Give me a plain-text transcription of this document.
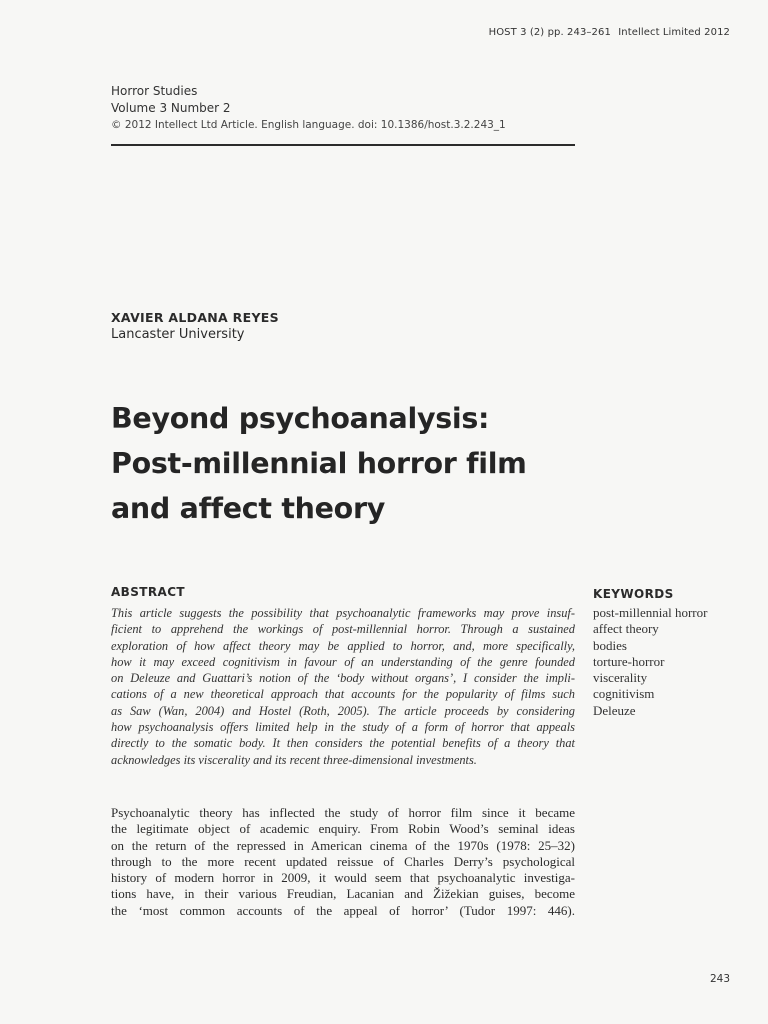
HOST 3 (2) pp. 243–261 Intellect Limited 2012
Horror Studies
Volume 3 Number 2
© 2012 Intellect Ltd Article. English language. doi: 10.1386/host.3.2.243_1
XAVIER ALDANA REYES
Lancaster University
Beyond psychoanalysis:
Post-millennial horror film
and affect theory
ABSTRACT
This article suggests the possibility that psychoanalytic frameworks may prove insuf-
ficient to apprehend the workings of post-millennial horror. Through a sustained
exploration of how affect theory may be applied to horror, and, more specifically,
how it may exceed cognitivism in favour of an understanding of the genre founded
on Deleuze and Guattari’s notion of the ‘body without organs’, I consider the impli-
cations of a new theoretical approach that accounts for the popularity of films such
as Saw (Wan, 2004) and Hostel (Roth, 2005). The article proceeds by considering
how psychoanalysis offers limited help in the study of a form of horror that appeals
directly to the somatic body. It then considers the potential benefits of a theory that
acknowledges its viscerality and its recent three-dimensional investments.
KEYWORDS
post-millennial horror
affect theory
bodies
torture-horror
viscerality
cognitivism
Deleuze
Psychoanalytic theory has inflected the study of horror film since it became
the legitimate object of academic enquiry. From Robin Wood’s seminal ideas
on the return of the repressed in American cinema of the 1970s (1978: 25–32)
through to the more recent updated reissue of Charles Derry’s psychological
history of modern horror in 2009, it would seem that psychoanalytic investiga-
tions have, in their various Freudian, Lacanian and Žižekian guises, become
the ‘most common accounts of the appeal of horror’ (Tudor 1997: 446).
243
